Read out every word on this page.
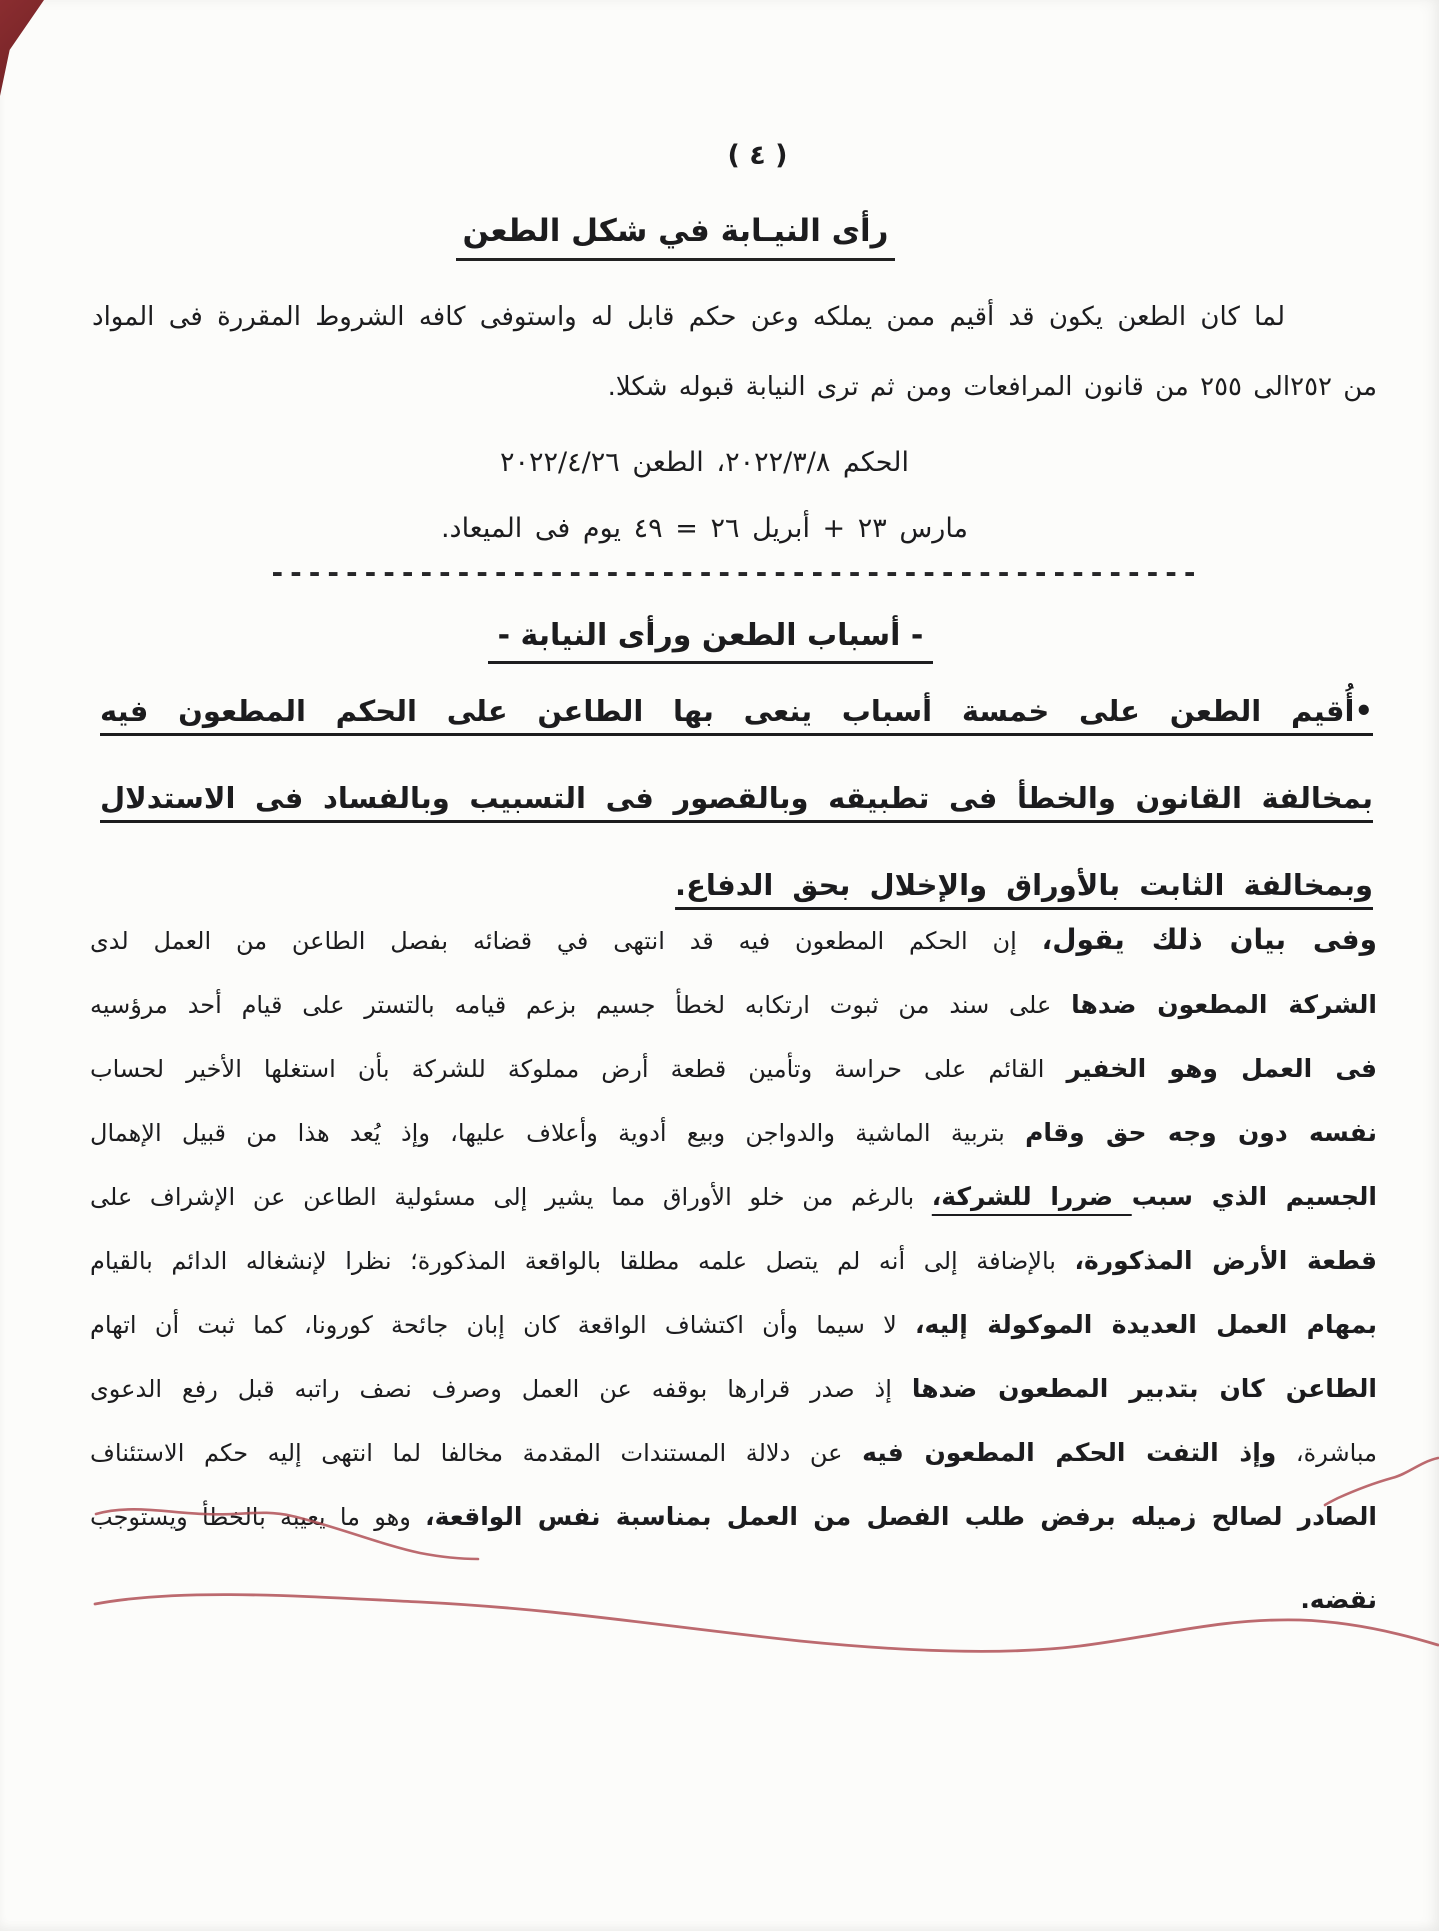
( ٤ )
رأى النيـابة في شكل الطعن
لما كان الطعن يكون قد أقيم ممن يملكه وعن حكم قابل له واستوفى كافه الشروط المقررة فى المواد
من ٢٥٢الى ٢٥٥ من قانون المرافعات ومن ثم ترى النيابة قبوله شكلا.
الحكم ٢٠٢٢/٣/٨، الطعن ٢٠٢٢/٤/٢٦
مارس ٢٣ + أبريل ٢٦ = ٤٩ يوم فى الميعاد.
--------------------------------------------------
- أسباب الطعن ورأى النيابة -
•أُقيم الطعن على خمسة أسباب ينعى بها الطاعن على الحكم المطعون فيه
بمخالفة القانون والخطأ فى تطبيقه وبالقصور فى التسبيب وبالفساد فى الاستدلال
وبمخالفة الثابت بالأوراق والإخلال بحق الدفاع.
وفى بيان ذلك يقول، إن الحكم المطعون فيه قد انتهى في قضائه بفصل الطاعن من العمل لدى
الشركة المطعون ضدها على سند من ثبوت ارتكابه لخطأ جسيم بزعم قيامه بالتستر على قيام أحد مرؤسيه
فى العمل وهو الخفير القائم على حراسة وتأمين قطعة أرض مملوكة للشركة بأن استغلها الأخير لحساب
نفسه دون وجه حق وقام بتربية الماشية والدواجن وبيع أدوية وأعلاف عليها، وإذ يُعد هذا من قبيل الإهمال
الجسيم الذي سبب ضررا للشركة، بالرغم من خلو الأوراق مما يشير إلى مسئولية الطاعن عن الإشراف على
قطعة الأرض المذكورة، بالإضافة إلى أنه لم يتصل علمه مطلقا بالواقعة المذكورة؛ نظرا لإنشغاله الدائم بالقيام
بمهام العمل العديدة الموكولة إليه، لا سيما وأن اكتشاف الواقعة كان إبان جائحة كورونا، كما ثبت أن اتهام
الطاعن كان بتدبير المطعون ضدها إذ صدر قرارها بوقفه عن العمل وصرف نصف راتبه قبل رفع الدعوى
مباشرة، وإذ التفت الحكم المطعون فيه عن دلالة المستندات المقدمة مخالفا لما انتهى إليه حكم الاستئناف
الصادر لصالح زميله برفض طلب الفصل من العمل بمناسبة نفس الواقعة، وهو ما يعيبه بالخطأ ويستوجب
نقضه.
